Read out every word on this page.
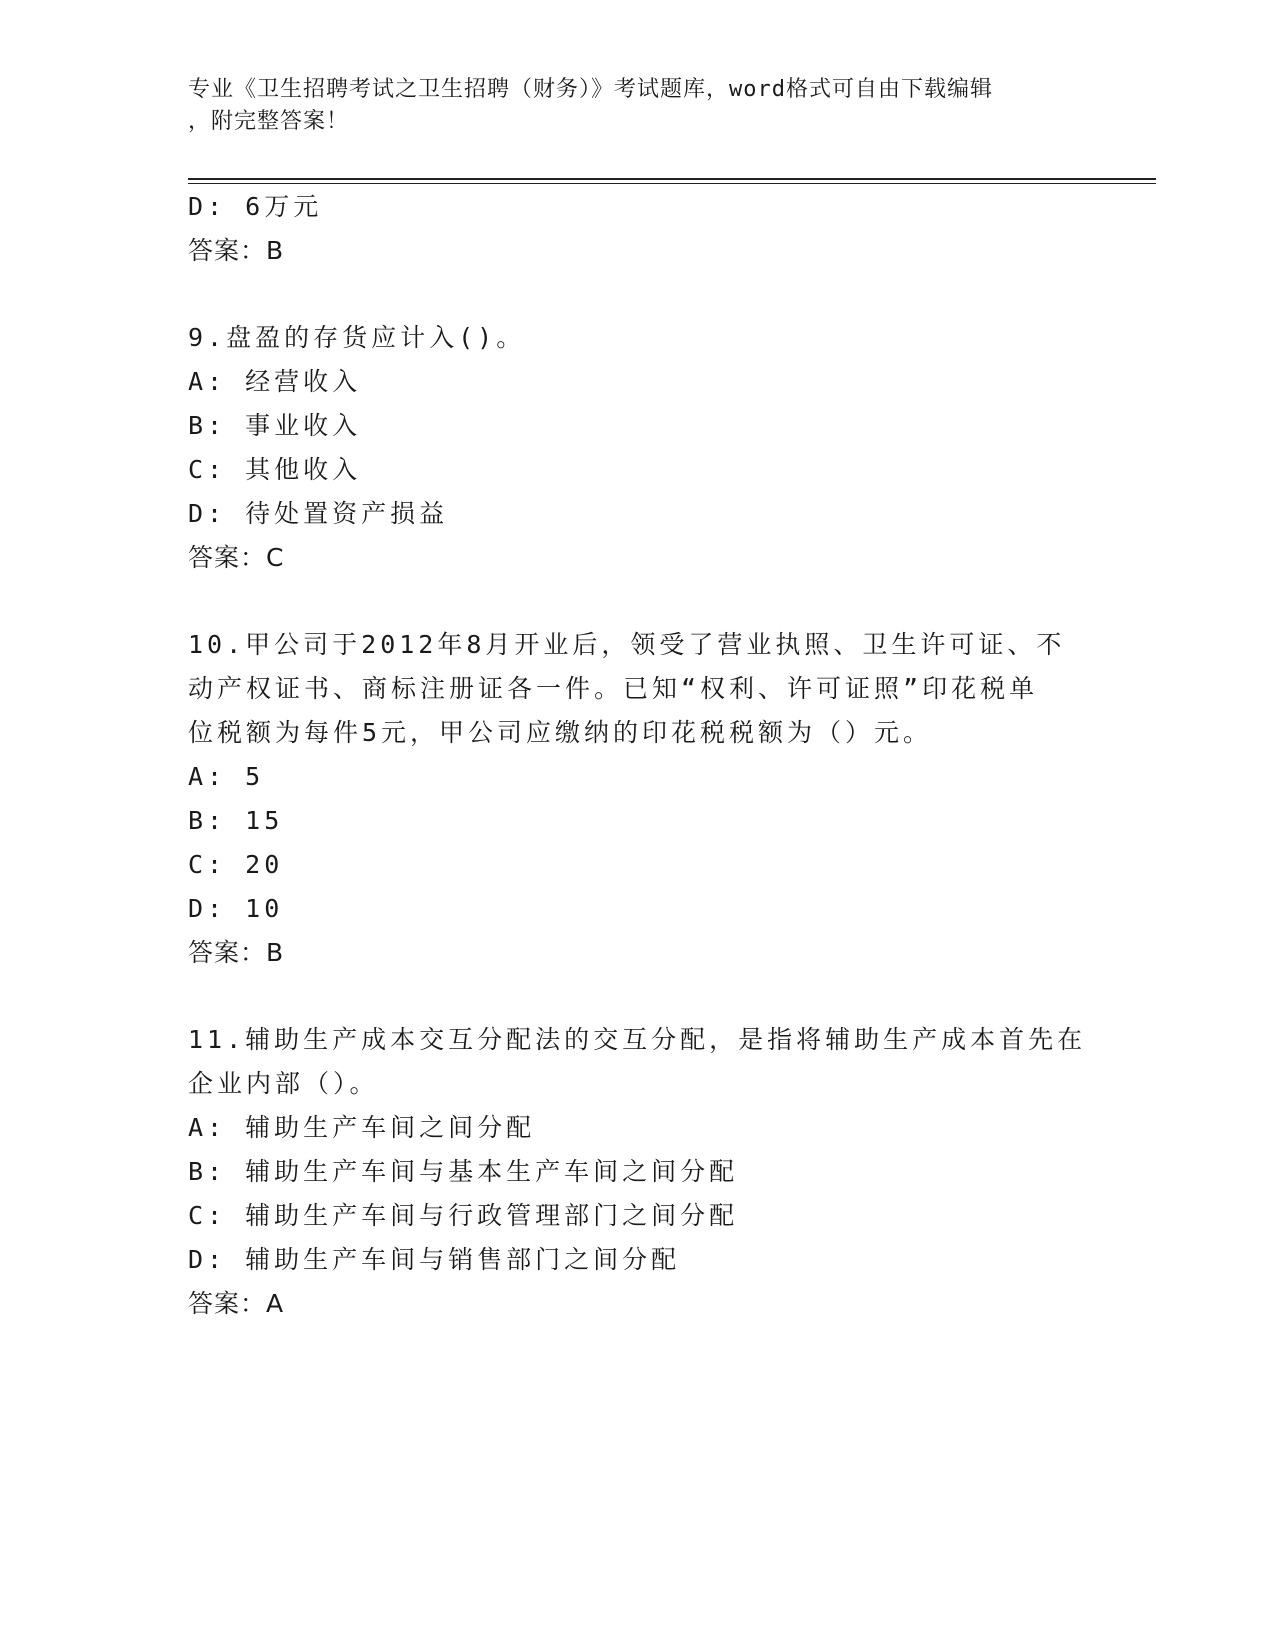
专业《卫生招聘考试之卫生招聘（财务）》考试题库，word格式可自由下载编辑
，附完整答案！
D: 6万元
答案：B
9.盘盈的存货应计入()。
A: 经营收入
B: 事业收入
C: 其他收入
D: 待处置资产损益
答案：C
10.甲公司于2012年8月开业后，领受了营业执照、卫生许可证、不
动产权证书、商标注册证各一件。已知“权利、许可证照”印花税单
位税额为每件5元，甲公司应缴纳的印花税税额为（）元。
A: 5
B: 15
C: 20
D: 10
答案：B
11.辅助生产成本交互分配法的交互分配，是指将辅助生产成本首先在
企业内部（）。
A: 辅助生产车间之间分配
B: 辅助生产车间与基本生产车间之间分配
C: 辅助生产车间与行政管理部门之间分配
D: 辅助生产车间与销售部门之间分配
答案：A
